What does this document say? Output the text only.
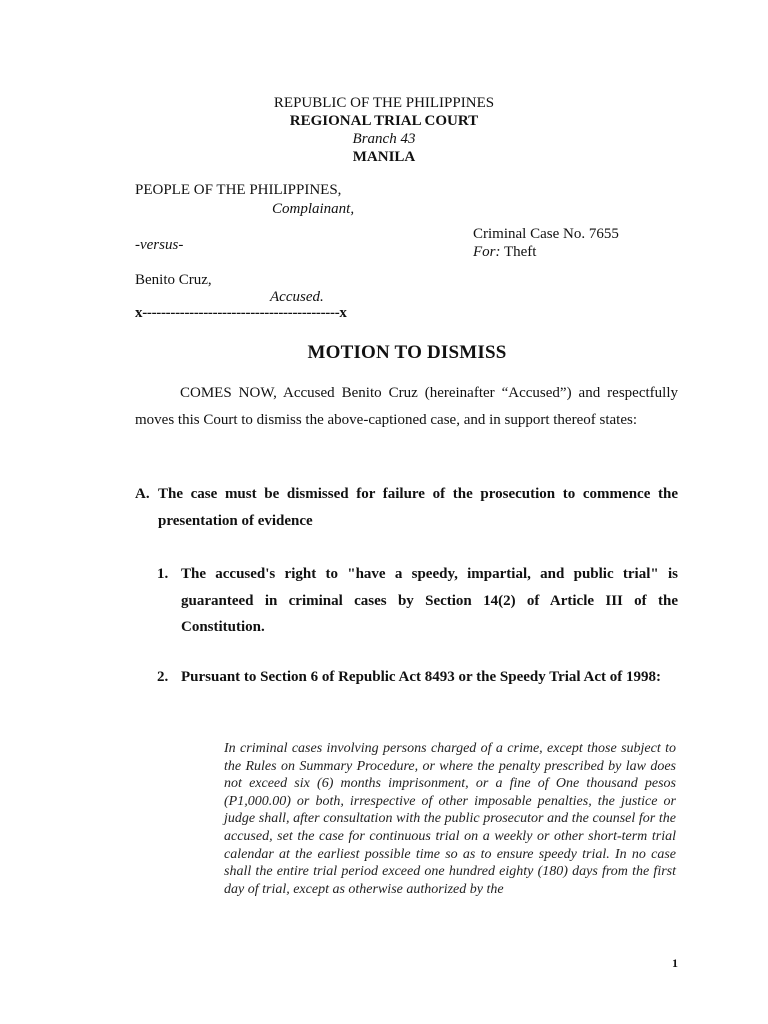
REPUBLIC OF THE PHILIPPINES
REGIONAL TRIAL COURT
Branch 43
MANILA
PEOPLE OF THE PHILIPPINES,
Complainant,
-versus-
Criminal Case No. 7655
For: Theft
Benito Cruz,
Accused.
x------------------------------------------x
MOTION TO DISMISS
COMES NOW, Accused Benito Cruz (hereinafter “Accused”) and respectfully moves this Court to dismiss the above-captioned case, and in support thereof states:
A. The case must be dismissed for failure of the prosecution to commence the presentation of evidence
1. The accused's right to "have a speedy, impartial, and public trial" is guaranteed in criminal cases by Section 14(2) of Article III of the Constitution.
2. Pursuant to Section 6 of Republic Act 8493 or the Speedy Trial Act of 1998:
In criminal cases involving persons charged of a crime, except those subject to the Rules on Summary Procedure, or where the penalty prescribed by law does not exceed six (6) months imprisonment, or a fine of One thousand pesos (P1,000.00) or both, irrespective of other imposable penalties, the justice or judge shall, after consultation with the public prosecutor and the counsel for the accused, set the case for continuous trial on a weekly or other short-term trial calendar at the earliest possible time so as to ensure speedy trial. In no case shall the entire trial period exceed one hundred eighty (180) days from the first day of trial, except as otherwise authorized by the
1
